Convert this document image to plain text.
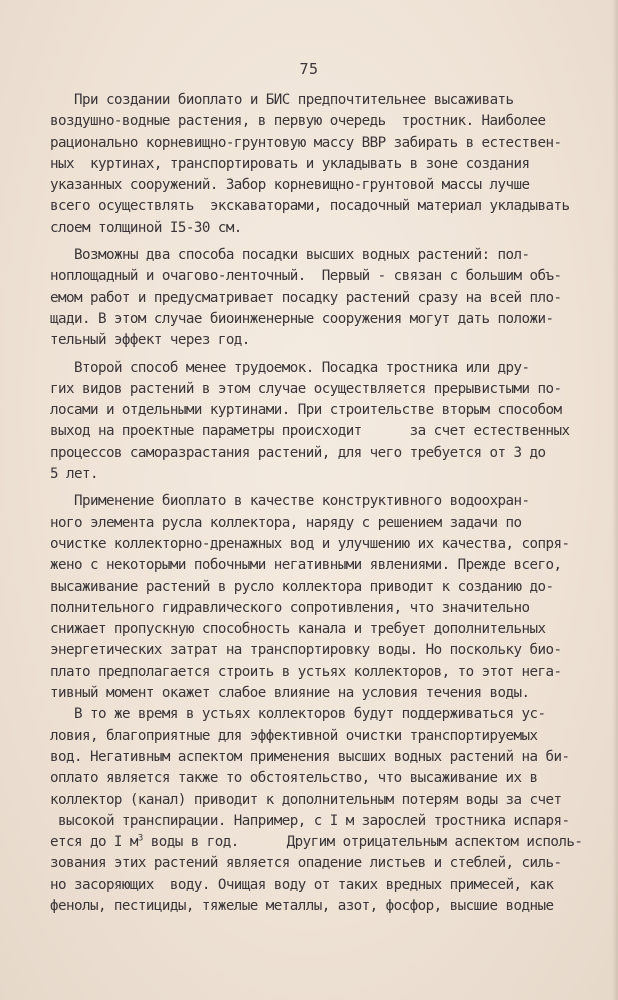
75
При создании биоплато и БИС предпочтительнее высаживать
воздушно-водные растения, в первую очередь  тростник. Наиболее
рационально корневищно-грунтовую массу ВВР забирать в естествен-
ных  куртинах, транспортировать и укладывать в зоне создания
указанных сооружений. Забор корневищно-грунтовой массы лучше
всего осуществлять  экскаваторами, посадочный материал укладывать
слоем толщиной I5-30 см.
Возможны два способа посадки высших водных растений: пол-
ноплощадный и очагово-ленточный.  Первый - связан с большим объ-
емом работ и предусматривает посадку растений сразу на всей пло-
щади. В этом случае биоинженерные сооружения могут дать положи-
тельный эффект через год.
Второй способ менее трудоемок. Посадка тростника или дру-
гих видов растений в этом случае осуществляется прерывистыми по-
лосами и отдельными куртинами. При строительстве вторым способом
выход на проектные параметры происходит      за счет естественных
процессов саморазрастания растений, для чего требуется от 3 до
5 лет.
Применение биоплато в качестве конструктивного водоохран-
ного элемента русла коллектора, наряду с решением задачи по
очистке коллекторно-дренажных вод и улучшению их качества, сопря-
жено с некоторыми побочными негативными явлениями. Прежде всего,
высаживание растений в русло коллектора приводит к созданию до-
полнительного гидравлического сопротивления, что значительно
снижает пропускную способность канала и требует дополнительных
энергетических затрат на транспортировку воды. Но поскольку био-
плато предполагается строить в устьях коллекторов, то этот нега-
тивный момент окажет слабое влияние на условия течения воды.
В то же время в устьях коллекторов будут поддерживаться ус-
ловия, благоприятные для эффективной очистки транспортируемых
вод. Негативным аспектом применения высших водных растений на би-
оплато является также то обстоятельство, что высаживание их в
коллектор (канал) приводит к дополнительным потерям воды за счет
высокой транспирации. Например, с I м зарослей тростника испаря-
ется до I $м^3$ воды в год.      Другим отрицательным аспектом исполь-
зования этих растений является опадение листьев и стеблей, силь-
но засоряющих  воду. Очищая воду от таких вредных примесей, как
фенолы, пестициды, тяжелые металлы, азот, фосфор, высшие водные
